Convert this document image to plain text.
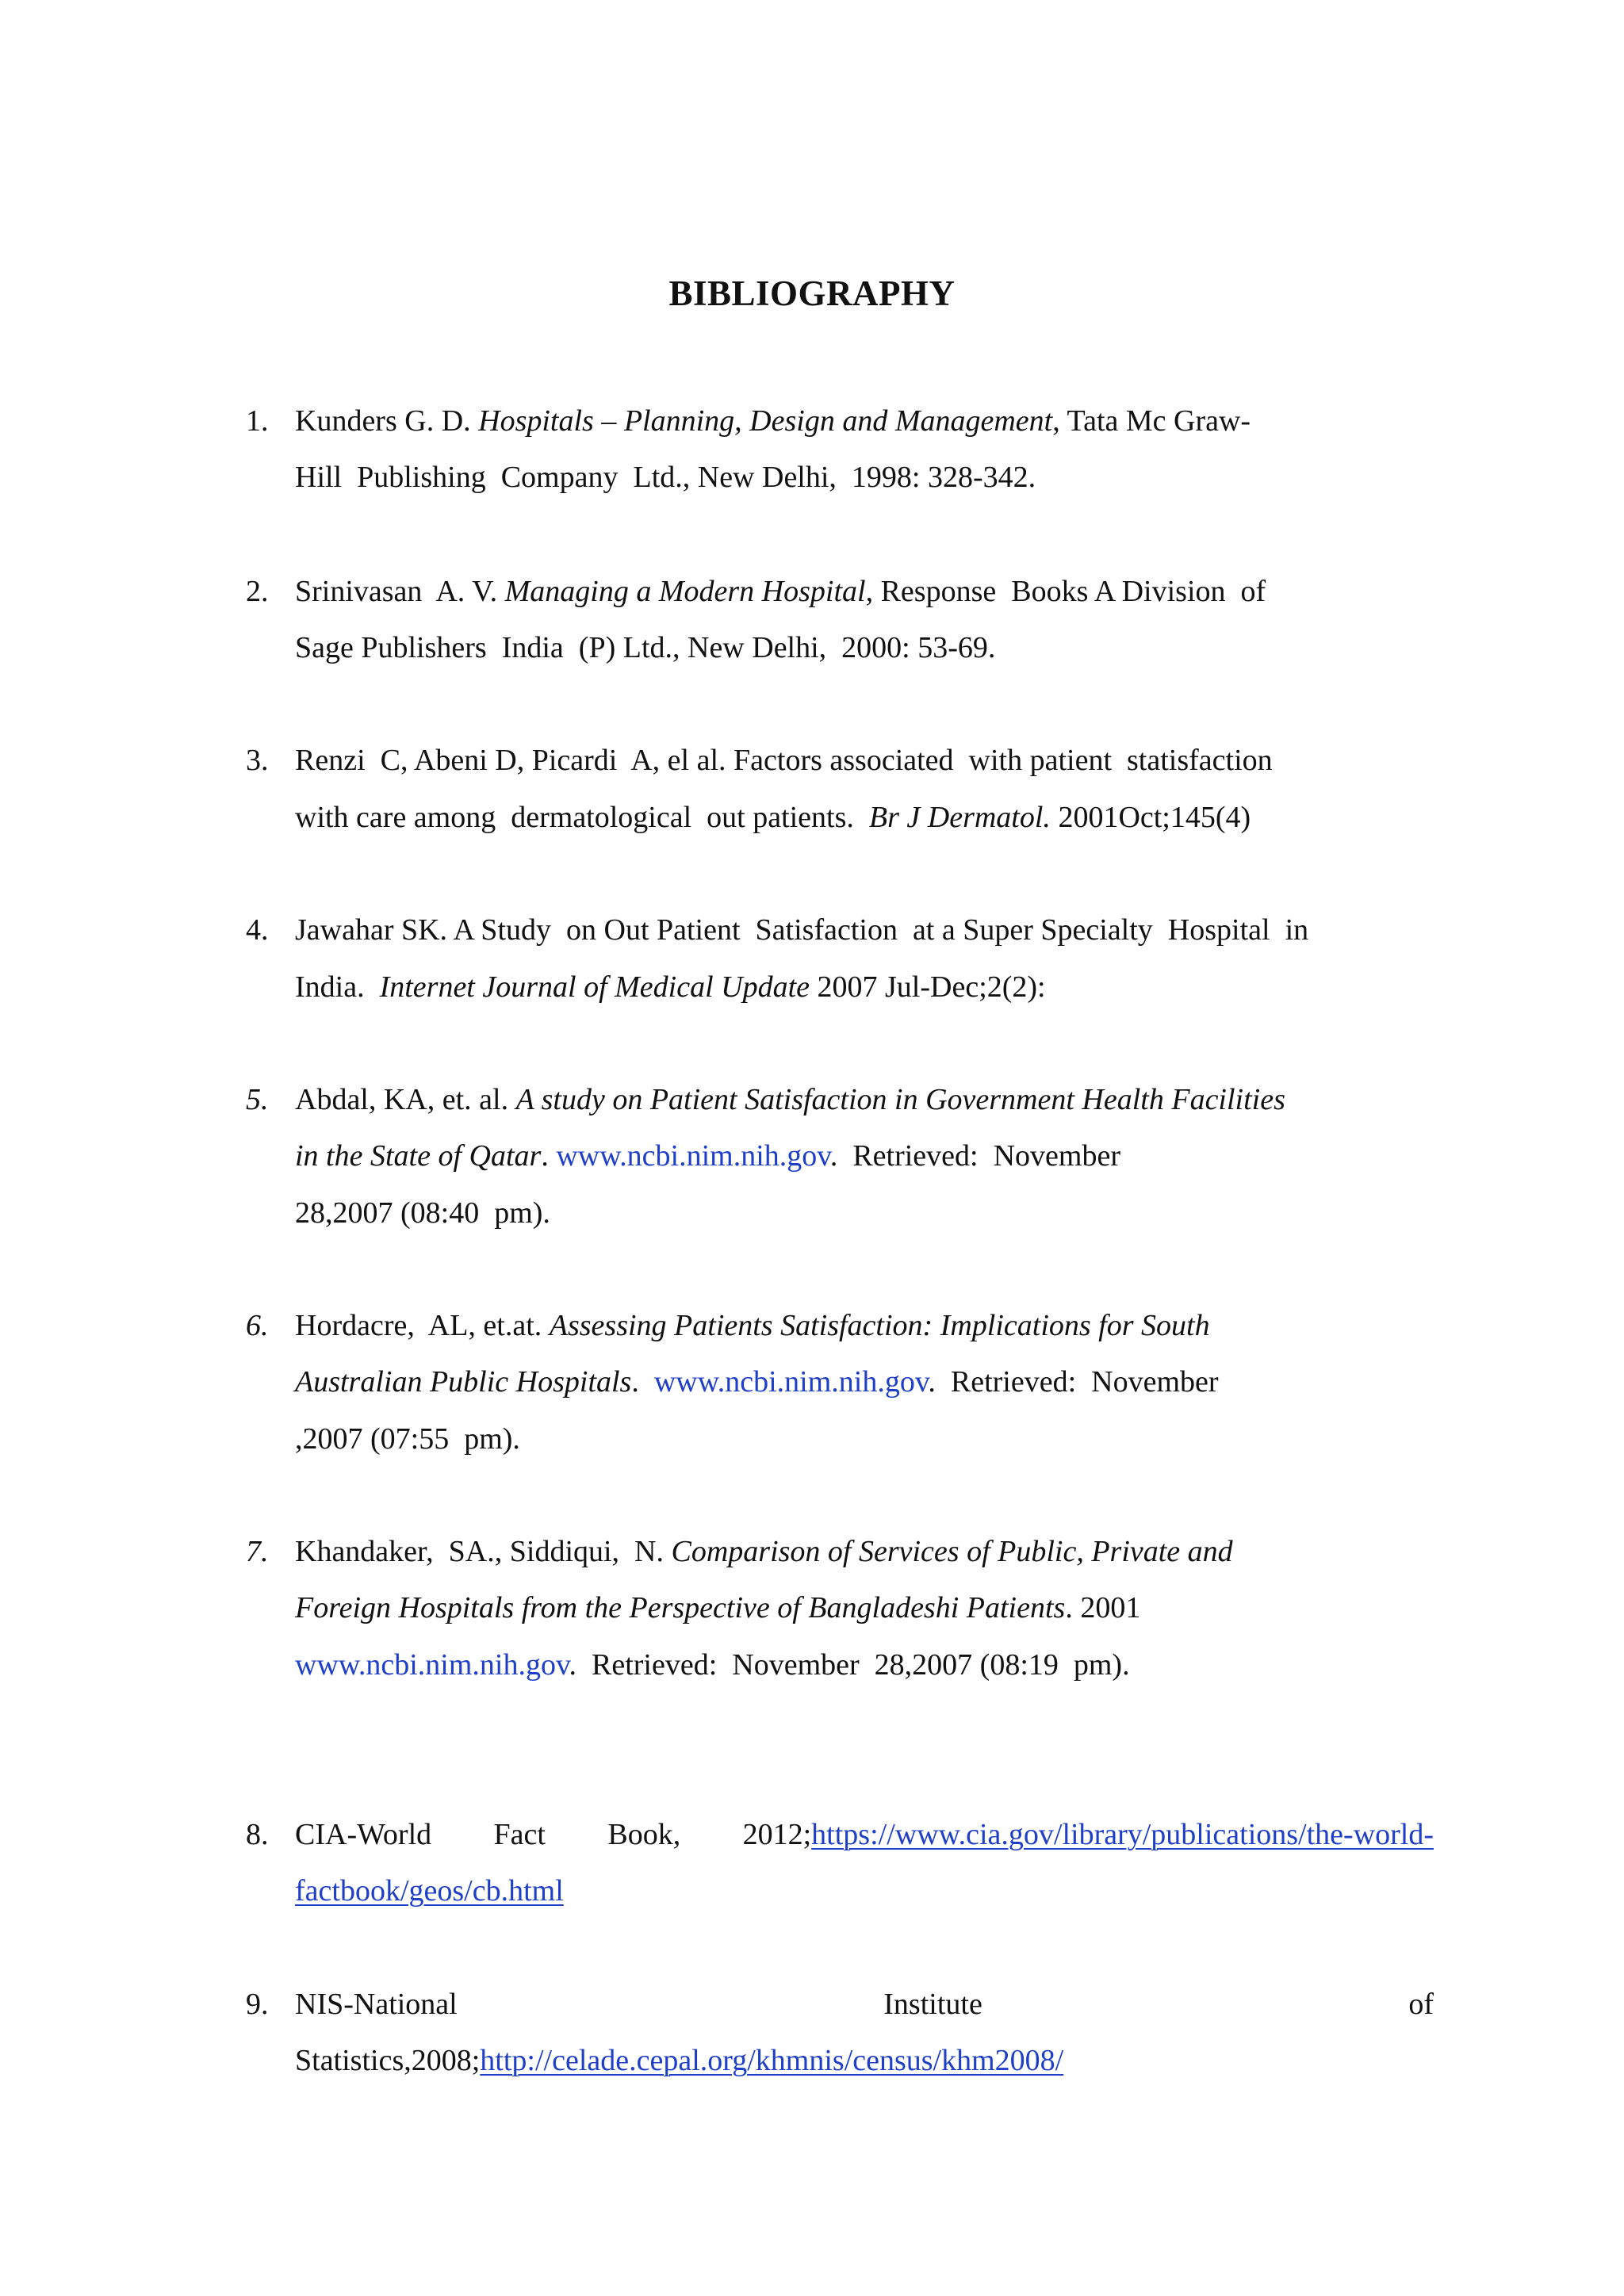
BIBLIOGRAPHY
1. Kunders G. D. Hospitals – Planning, Design and Management, Tata Mc Graw-
Hill  Publishing  Company  Ltd., New Delhi,  1998: 328-342.
2. Srinivasan  A. V. Managing a Modern Hospital, Response  Books A Division  of
Sage Publishers  India  (P) Ltd., New Delhi,  2000: 53-69.
3. Renzi  C, Abeni D, Picardi  A, el al. Factors associated  with patient  statisfaction
with care among  dermatological  out patients. Br J Dermatol. 2001Oct;145(4)
4. Jawahar SK. A Study  on Out Patient  Satisfaction  at a Super Specialty  Hospital  in
India. Internet Journal of Medical Update 2007 Jul-Dec;2(2):
5. Abdal, KA, et. al. A study on Patient Satisfaction in Government Health Facilities
in the State of Qatar. www.ncbi.nim.nih.gov.  Retrieved:  November
28,2007 (08:40  pm).
6. Hordacre,  AL, et.at. Assessing Patients Satisfaction: Implications for South
Australian Public Hospitals.  www.ncbi.nim.nih.gov.  Retrieved:  November
,2007 (07:55  pm).
7. Khandaker,  SA., Siddiqui,  N. Comparison of Services of Public, Private and
Foreign Hospitals from the Perspective of Bangladeshi Patients. 2001
www.ncbi.nim.nih.gov.  Retrieved:  November  28,2007 (08:19  pm).
8. CIA-World Fact Book, 2012;https://www.cia.gov/library/publications/the-world-
factbook/geos/cb.html
9. NIS-National	Institute	of
Statistics,2008;http://celade.cepal.org/khmnis/census/khm2008/
